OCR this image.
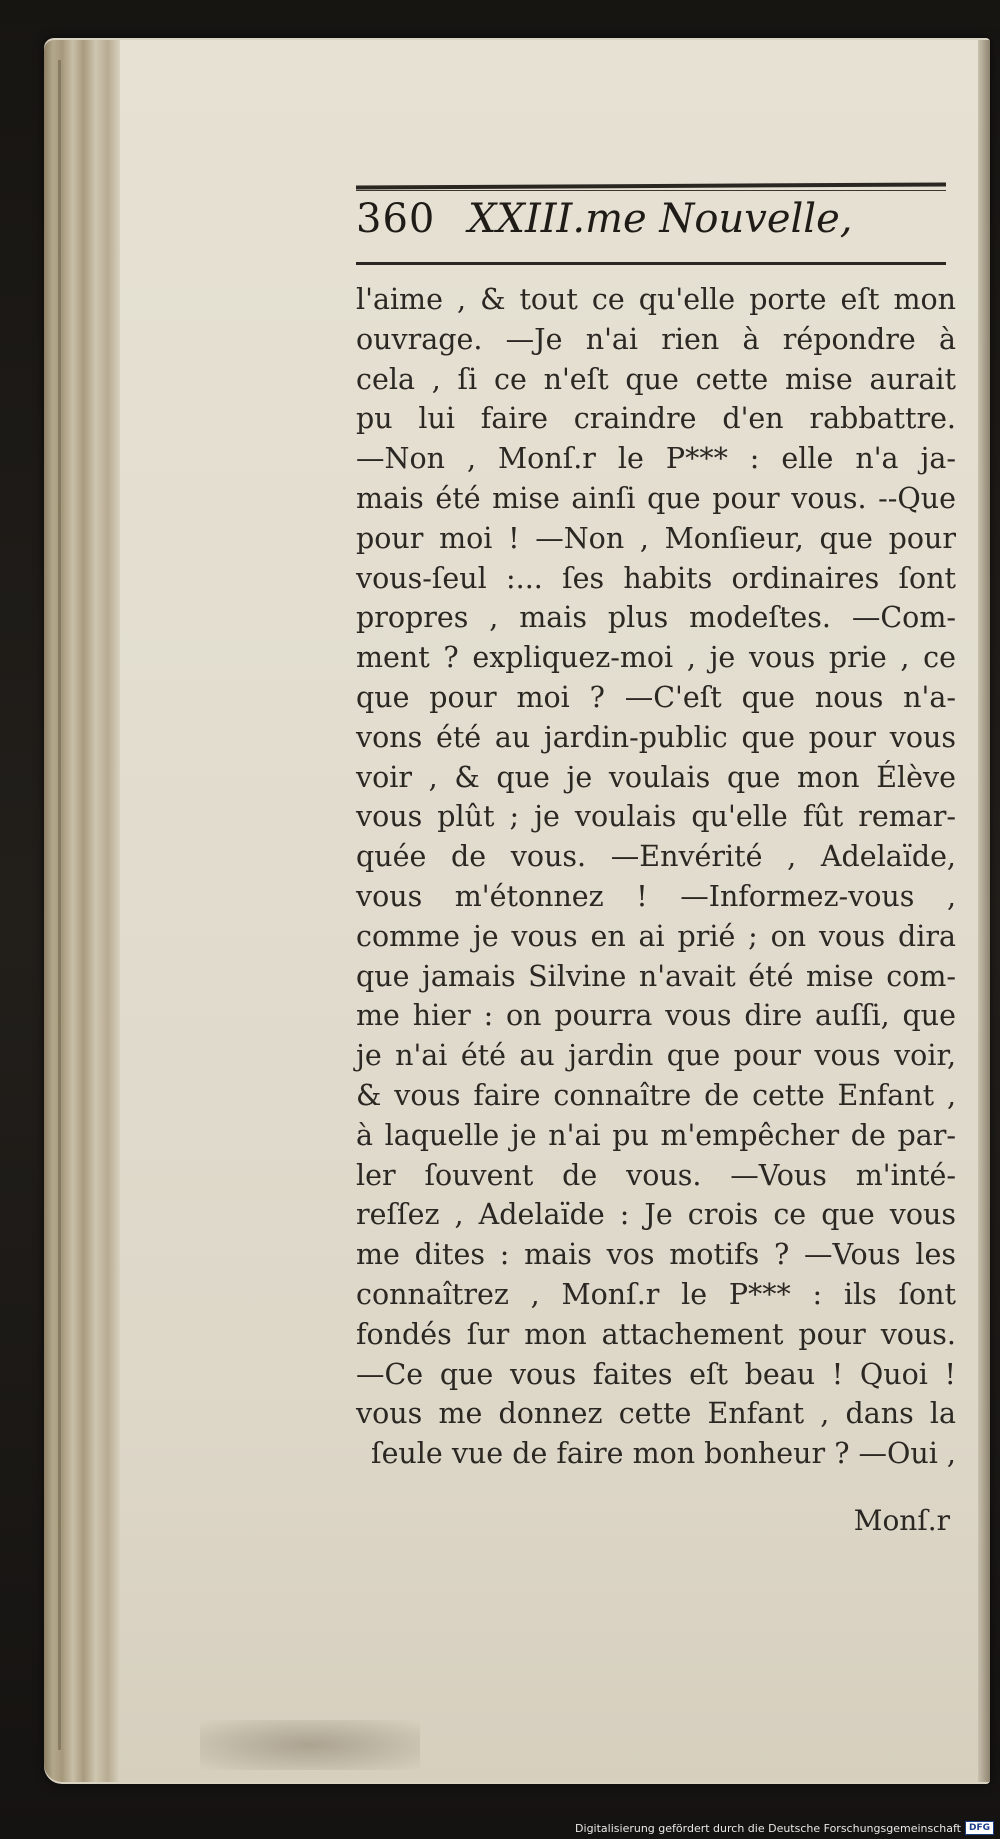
360 XXIII.me Nouvelle,
l'aime , & tout ce qu'elle porte eſt mon
ouvrage. —Je n'ai rien à répondre à
cela , ſi ce n'eſt que cette mise aurait
pu lui faire craindre d'en rabbattre.
—Non , Monſ.r le P*** : elle n'a ja-
mais été mise ainſi que pour vous. --Que
pour moi ! —Non , Monſieur, que pour
vous-ſeul :... ſes habits ordinaires ſont
propres , mais plus modeſtes. —Com-
ment ? expliquez-moi , je vous prie , ce
que pour moi ? —C'eſt que nous n'a-
vons été au jardin-public que pour vous
voir , & que je voulais que mon Élève
vous plût ; je voulais qu'elle fût remar-
quée de vous. —Envérité , Adelaïde,
vous m'étonnez ! —Informez-vous ,
comme je vous en ai prié ; on vous dira
que jamais Silvine n'avait été mise com-
me hier : on pourra vous dire auſſi, que
je n'ai été au jardin que pour vous voir,
& vous faire connaître de cette Enfant ,
à laquelle je n'ai pu m'empêcher de par-
ler ſouvent de vous. —Vous m'inté-
reſſez , Adelaïde : Je crois ce que vous
me dites : mais vos motifs ? —Vous les
connaîtrez , Monſ.r le P*** : ils ſont
fondés ſur mon attachement pour vous.
—Ce que vous faites eſt beau ! Quoi !
vous me donnez cette Enfant , dans la
ſeule vue de faire mon bonheur ? —Oui ,
Monſ.r
Digitalisierung gefördert durch die Deutsche Forschungsgemeinschaft DFG
